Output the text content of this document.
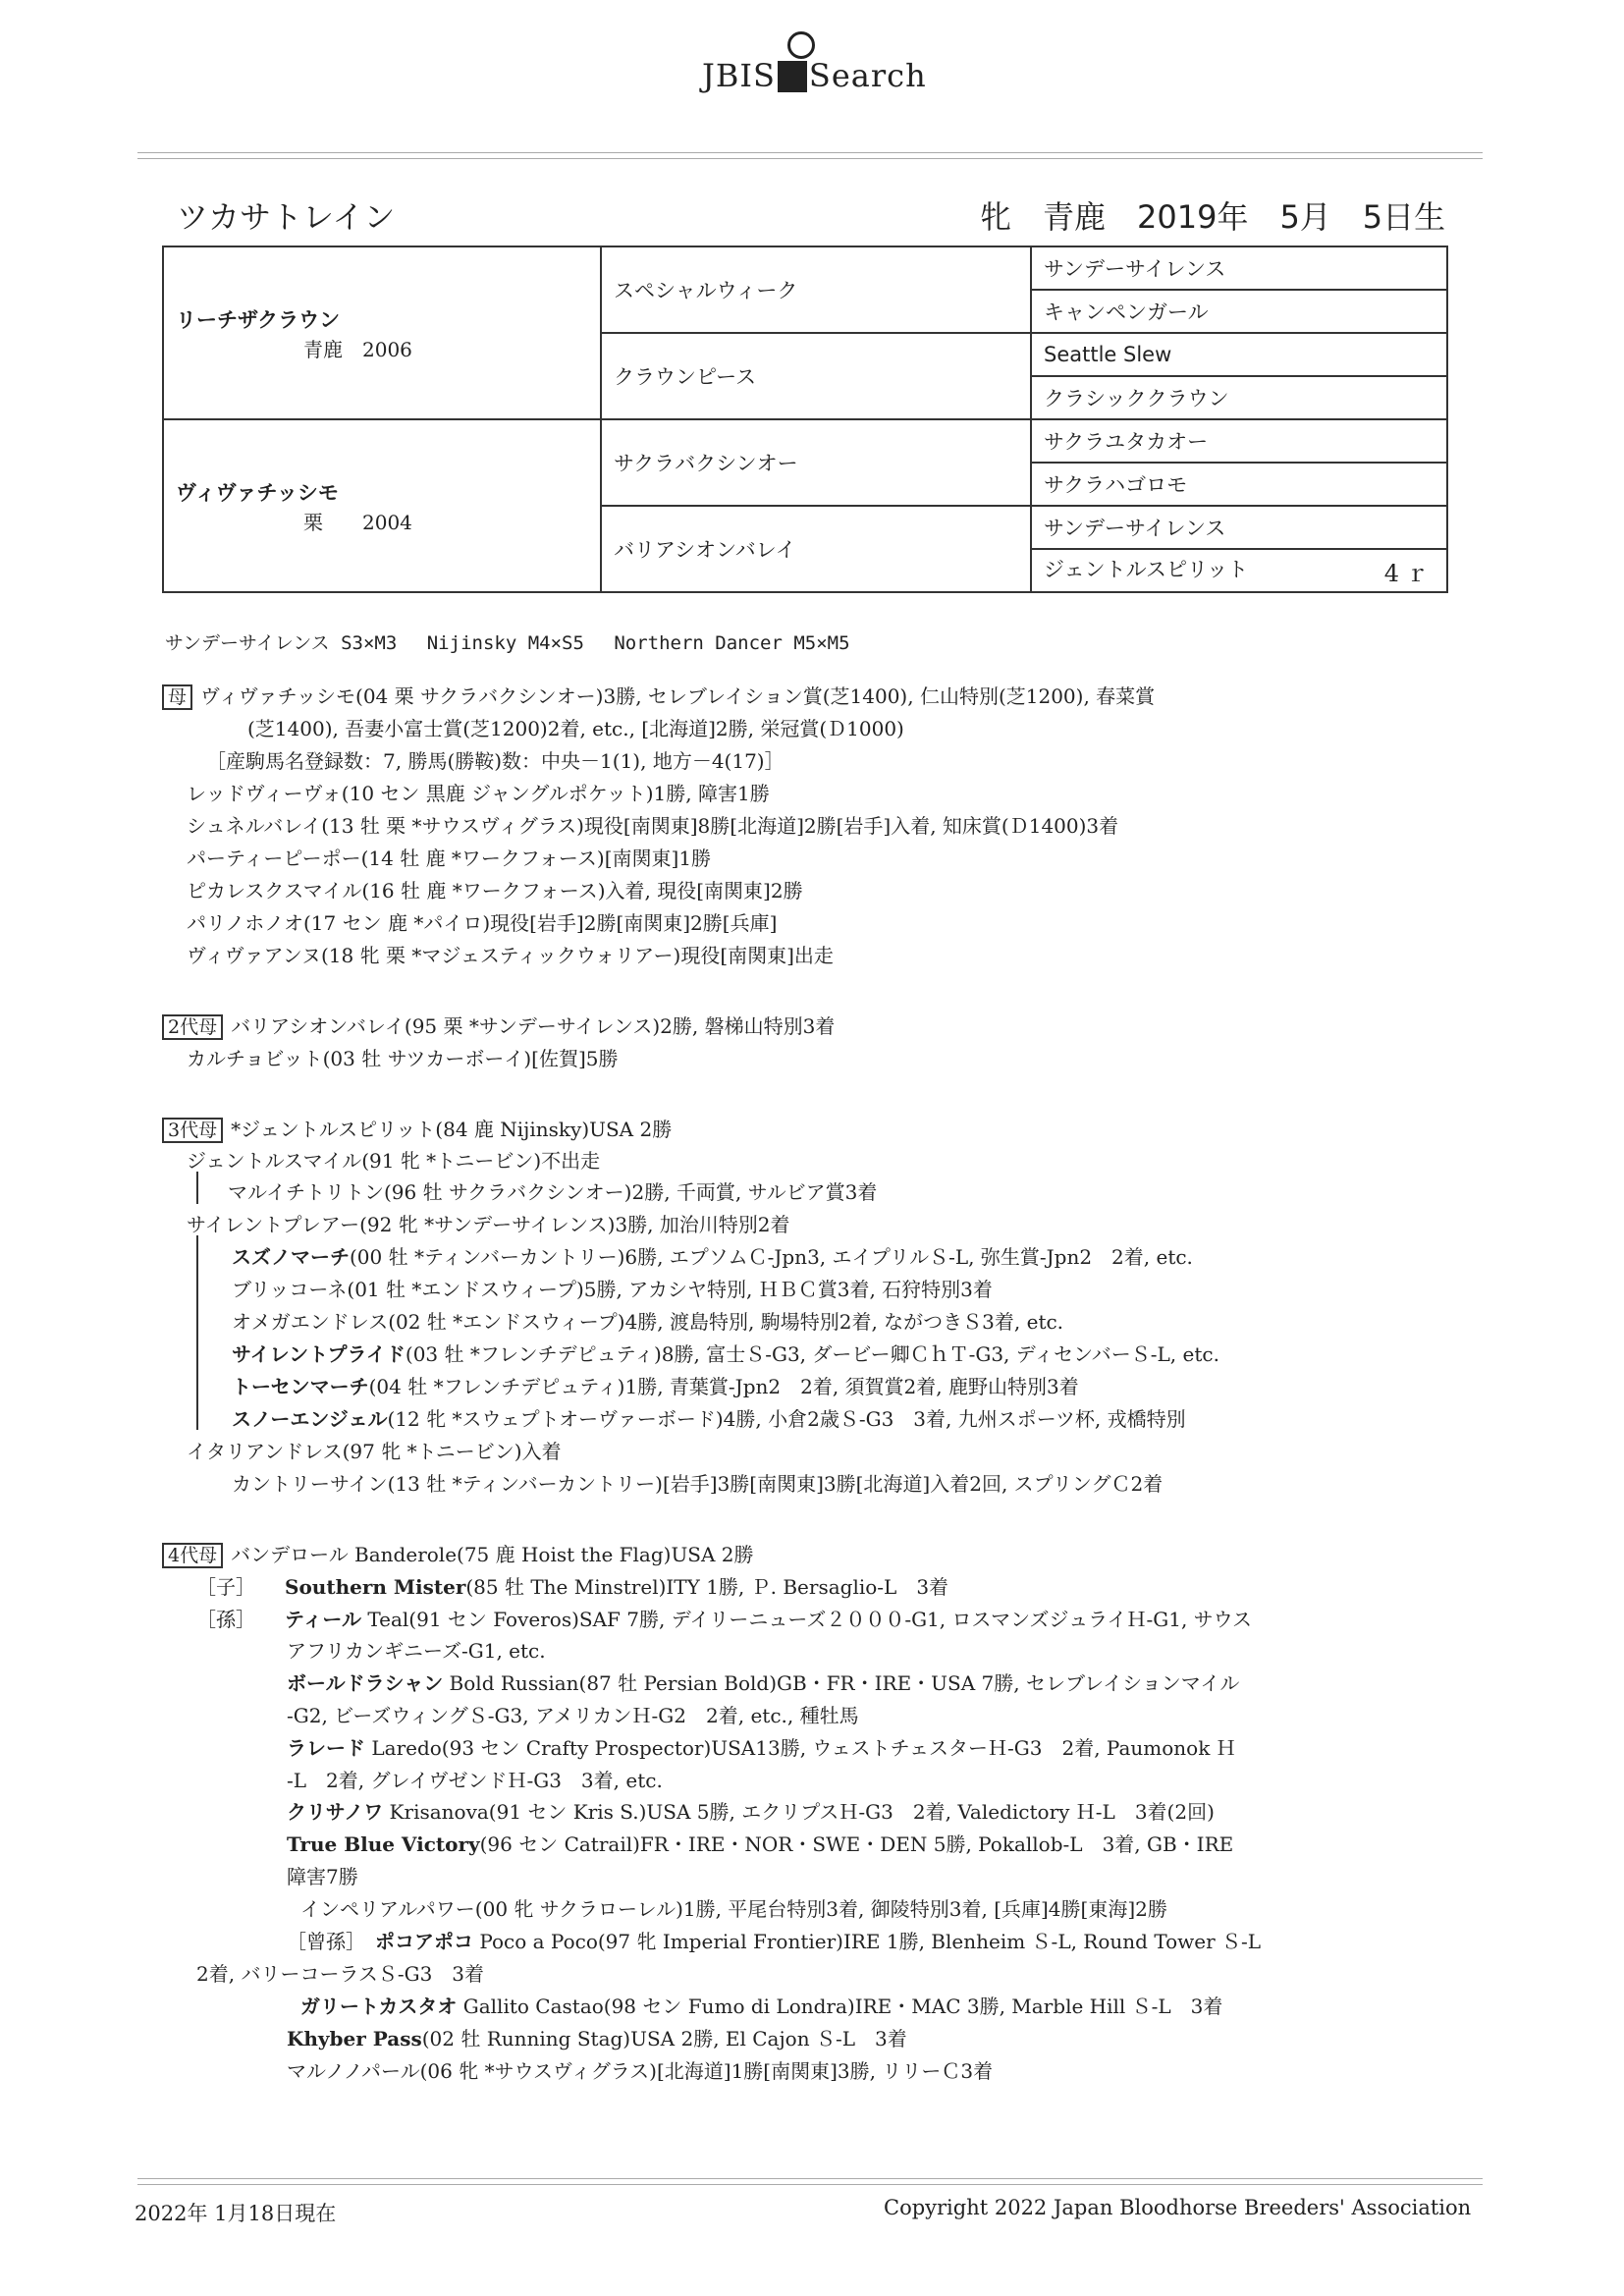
JBIS Search
ツカサトレイン	牝　青鹿　2019年　5月　5日生
リーチザクラウン
青鹿　2006	スペシャルウィーク	サンデーサイレンス
		キャンペンガール
	クラウンピース	Seattle Slew
		クラシッククラウン

ヴィヴァチッシモ
栗　　2004	サクラバクシンオー	サクラユタカオー
		サクラハゴロモ
	バリアシオンバレイ	サンデーサイレンス
		ジェントルスピリット 4ｒ
サンデーサイレンス S3×M3　 Nijinsky M4×S5　 Northern Dancer M5×M5
母 ヴィヴァチッシモ(04 栗 サクラバクシンオー)3勝, セレブレイション賞(芝1400), 仁山特別(芝1200), 春菜賞
(芝1400), 吾妻小富士賞(芝1200)2着, etc., [北海道]2勝, 栄冠賞(Ｄ1000)
［産駒馬名登録数：7, 勝馬(勝鞍)数：中央－1(1), 地方－4(17)］
レッドヴィーヴォ(10 セン 黒鹿 ジャングルポケット)1勝, 障害1勝
シュネルバレイ(13 牡 栗 *サウスヴィグラス)現役[南関東]8勝[北海道]2勝[岩手]入着, 知床賞(Ｄ1400)3着
パーティーピーポー(14 牡 鹿 *ワークフォース)[南関東]1勝
ピカレスクスマイル(16 牡 鹿 *ワークフォース)入着, 現役[南関東]2勝
パリノホノオ(17 セン 鹿 *パイロ)現役[岩手]2勝[南関東]2勝[兵庫]
ヴィヴァアンヌ(18 牝 栗 *マジェスティックウォリアー)現役[南関東]出走
2代母 バリアシオンバレイ(95 栗 *サンデーサイレンス)2勝, 磐梯山特別3着
カルチョビット(03 牡 サツカーボーイ)[佐賀]5勝
3代母 *ジェントルスピリット(84 鹿 Nijinsky)USA 2勝
ジェントルスマイル(91 牝 *トニービン)不出走
マルイチトリトン(96 牡 サクラバクシンオー)2勝, 千両賞, サルビア賞3着
サイレントプレアー(92 牝 *サンデーサイレンス)3勝, 加治川特別2着
スズノマーチ(00 牡 *ティンバーカントリー)6勝, エプソムＣ-Jpn3, エイプリルＳ-L, 弥生賞-Jpn2　2着, etc.
ブリッコーネ(01 牡 *エンドスウィープ)5勝, アカシヤ特別, ＨＢＣ賞3着, 石狩特別3着
オメガエンドレス(02 牡 *エンドスウィープ)4勝, 渡島特別, 駒場特別2着, ながつきＳ3着, etc.
サイレントプライド(03 牡 *フレンチデピュティ)8勝, 富士Ｓ-G3, ダービー卿ＣｈＴ-G3, ディセンバーＳ-L, etc.
トーセンマーチ(04 牡 *フレンチデピュティ)1勝, 青葉賞-Jpn2　2着, 須賀賞2着, 鹿野山特別3着
スノーエンジェル(12 牝 *スウェプトオーヴァーボード)4勝, 小倉2歳Ｓ-G3　3着, 九州スポーツ杯, 戎橋特別
イタリアンドレス(97 牝 *トニービン)入着
カントリーサイン(13 牡 *ティンバーカントリー)[岩手]3勝[南関東]3勝[北海道]入着2回, スプリングＣ2着
4代母 バンデロール Banderole(75 鹿 Hoist the Flag)USA 2勝
［子］ Southern Mister(85 牡 The Minstrel)ITY 1勝, Ｐ. Bersaglio-L　3着
［孫］ ティール Teal(91 セン Foveros)SAF 7勝, デイリーニューズ２０００-G1, ロスマンズジュライＨ-G1, サウス
アフリカンギニーズ-G1, etc.
ボールドラシャン Bold Russian(87 牡 Persian Bold)GB・FR・IRE・USA 7勝, セレブレイションマイル
-G2, ビーズウィングＳ-G3, アメリカンＨ-G2　2着, etc., 種牡馬
ラレード Laredo(93 セン Crafty Prospector)USA13勝, ウェストチェスターＨ-G3　2着, Paumonok Ｈ
-L　2着, グレイヴゼンドＨ-G3　3着, etc.
クリサノワ Krisanova(91 セン Kris S.)USA 5勝, エクリプスＨ-G3　2着, Valedictory Ｈ-L　3着(2回)
True Blue Victory(96 セン Catrail)FR・IRE・NOR・SWE・DEN 5勝, Pokallob-L　3着, GB・IRE
障害7勝
インペリアルパワー(00 牝 サクラローレル)1勝, 平尾台特別3着, 御陵特別3着, [兵庫]4勝[東海]2勝
［曾孫］ ポコアポコ Poco a Poco(97 牝 Imperial Frontier)IRE 1勝, Blenheim Ｓ-L, Round Tower Ｓ-L
2着, バリーコーラスＳ-G3　3着
ガリートカスタオ Gallito Castao(98 セン Fumo di Londra)IRE・MAC 3勝, Marble Hill Ｓ-L　3着
Khyber Pass(02 牡 Running Stag)USA 2勝, El Cajon Ｓ-L　3着
マルノノパール(06 牝 *サウスヴィグラス)[北海道]1勝[南関東]3勝, リリーＣ3着
2022年 1月18日現在	Copyright 2022 Japan Bloodhorse Breeders' Association
